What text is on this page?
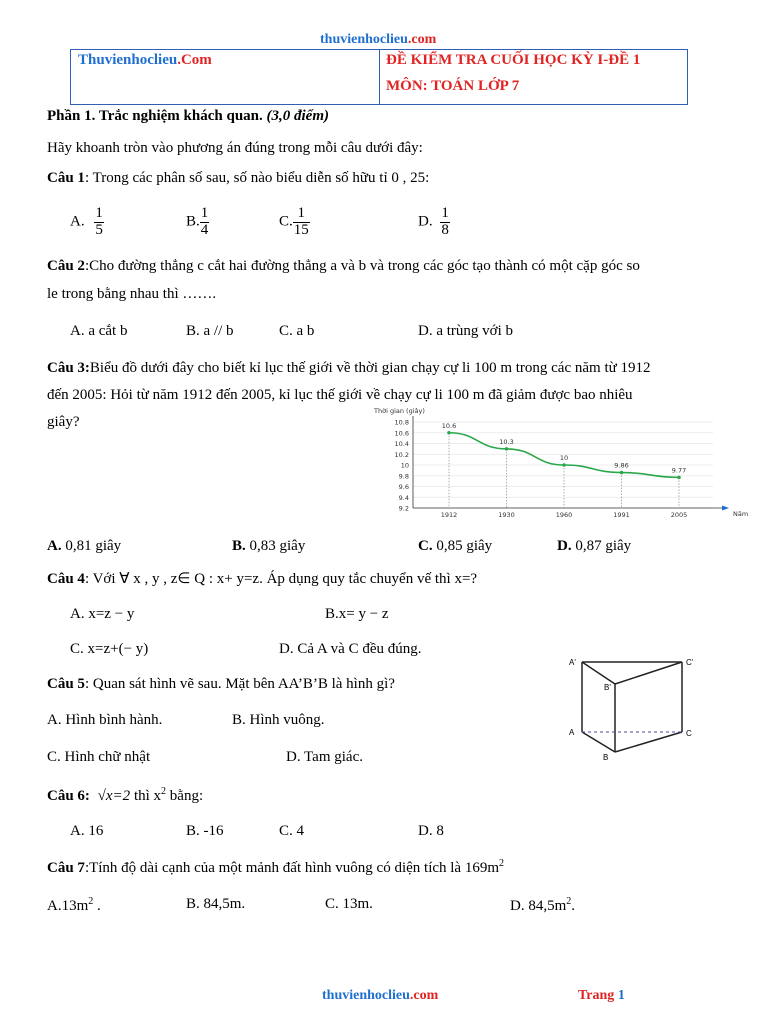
thuvienhoclieu.com
Thuvienhoclieu.Com	ĐỀ KIỂM TRA CUỐI HỌC KỲ I-ĐỀ 1
MÔN: TOÁN LỚP 7
Phần 1. Trắc nghiệm khách quan. (3,0 điểm)
Hãy khoanh tròn vào phương án đúng trong mỗi câu dưới đây:
Câu 1: Trong các phân số sau, số nào biểu diễn số hữu tỉ 0 , 25:
A. $\frac{1}{5}$	B. $\frac{1}{4}$	C. $\frac{1}{15}$	D. $\frac{1}{8}$
Câu 2:Cho đường thẳng c cắt hai đường thẳng a và b và trong các góc tạo thành có một cặp góc so
le trong bằng nhau thì …….
A. a cắt b	B. a // b	C. a b	D. a trùng với b
Câu 3:Biểu đồ dưới đây cho biết kỉ lục thế giới về thời gian chạy cự li 100 m trong các năm từ 1912
đến 2005: Hỏi từ năm 1912 đến 2005, kỉ lục thế giới về chạy cự li 100 m đã giảm được bao nhiêu
giây?
9.2
9.4
9.6
9.8
10
10.2
10.4
10.6
10.8
Thời gian (giây)
Năm
10.6
1912
10.3
1930
10
1960
9.86
1991
9.77
2005
A. 0,81 giây	B. 0,83 giây	C. 0,85 giây	D. 0,87 giây
Câu 4: Với ∀ x , y , z∈ Q : x+ y=z. Áp dụng quy tắc chuyển vế thì x=?
A. x=z − y	B.x= y − z
C. x=z+(− y)	D. Cả A và C đều đúng.
A'
B'
C'
A
B
C
Câu 5: Quan sát hình vẽ sau. Mặt bên AA’B’B là hình gì?
A. Hình bình hành.	B. Hình vuông.
C. Hình chữ nhật	D. Tam giác.
Câu 6: √x=2 thì $x^2$ bằng:
A. 16	B. -16	C. 4	D. 8
Câu 7:Tính độ dài cạnh của một mảnh đất hình vuông có diện tích là $169m^2$
$A.13m^2$ .	B. 84,5m.	C. 13m.	D. $84,5m^2$.
thuvienhoclieu.com	Trang 1
